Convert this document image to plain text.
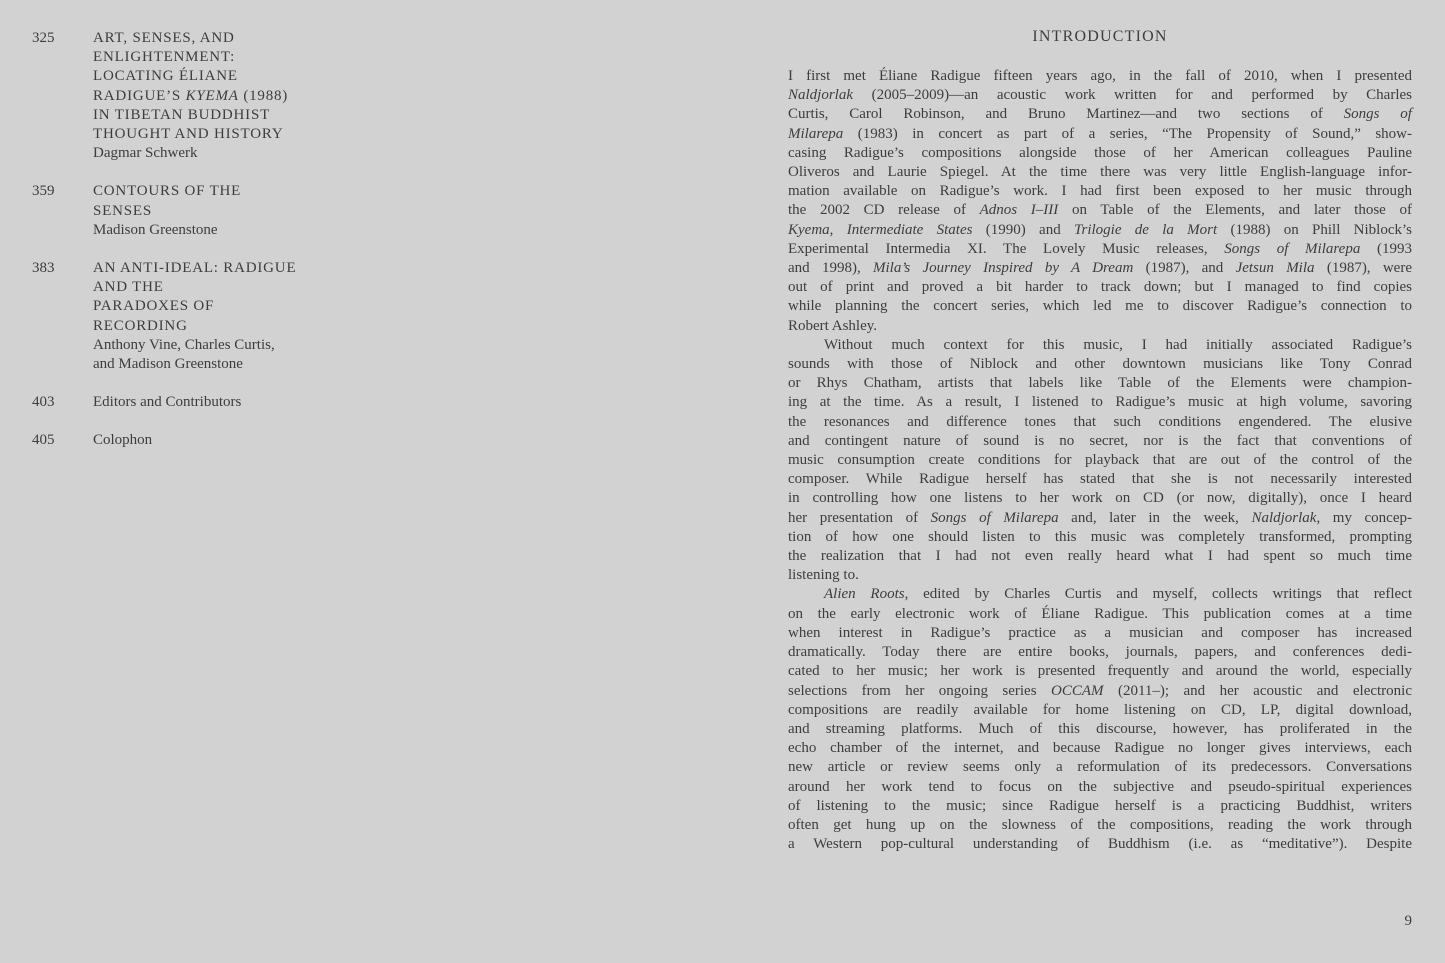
325	ART, SENSES, AND
ENLIGHTENMENT:
LOCATING ÉLIANE
RADIGUE’S KYEMA (1988)
IN TIBETAN BUDDHIST
THOUGHT AND HISTORY
Dagmar Schwerk
359	CONTOURS OF THE
SENSES
Madison Greenstone
383	AN ANTI-IDEAL: RADIGUE
AND THE
PARADOXES OF
RECORDING
Anthony Vine, Charles Curtis,
and Madison Greenstone
403	Editors and Contributors
405	Colophon
INTRODUCTION
I first met Éliane Radigue fifteen years ago, in the fall of 2010, when I presented
Naldjorlak (2005–2009)—an acoustic work written for and performed by Charles
Curtis, Carol Robinson, and Bruno Martinez—and two sections of Songs of
Milarepa (1983) in concert as part of a series, “The Propensity of Sound,” show-
casing Radigue’s compositions alongside those of her American colleagues Pauline
Oliveros and Laurie Spiegel. At the time there was very little English-language infor-
mation available on Radigue’s work. I had first been exposed to her music through
the 2002 CD release of Adnos I–III on Table of the Elements, and later those of
Kyema, Intermediate States (1990) and Trilogie de la Mort (1988) on Phill Niblock’s
Experimental Intermedia XI. The Lovely Music releases, Songs of Milarepa (1993
and 1998), Mila’s Journey Inspired by A Dream (1987), and Jetsun Mila (1987), were
out of print and proved a bit harder to track down; but I managed to find copies
while planning the concert series, which led me to discover Radigue’s connection to
Robert Ashley.
Without much context for this music, I had initially associated Radigue’s
sounds with those of Niblock and other downtown musicians like Tony Conrad
or Rhys Chatham, artists that labels like Table of the Elements were champion-
ing at the time. As a result, I listened to Radigue’s music at high volume, savoring
the resonances and difference tones that such conditions engendered. The elusive
and contingent nature of sound is no secret, nor is the fact that conventions of
music consumption create conditions for playback that are out of the control of the
composer. While Radigue herself has stated that she is not necessarily interested
in controlling how one listens to her work on CD (or now, digitally), once I heard
her presentation of Songs of Milarepa and, later in the week, Naldjorlak, my concep-
tion of how one should listen to this music was completely transformed, prompting
the realization that I had not even really heard what I had spent so much time
listening to.
Alien Roots, edited by Charles Curtis and myself, collects writings that reflect
on the early electronic work of Éliane Radigue. This publication comes at a time
when interest in Radigue’s practice as a musician and composer has increased
dramatically. Today there are entire books, journals, papers, and conferences dedi-
cated to her music; her work is presented frequently and around the world, especially
selections from her ongoing series OCCAM (2011–); and her acoustic and electronic
compositions are readily available for home listening on CD, LP, digital download,
and streaming platforms. Much of this discourse, however, has proliferated in the
echo chamber of the internet, and because Radigue no longer gives interviews, each
new article or review seems only a reformulation of its predecessors. Conversations
around her work tend to focus on the subjective and pseudo-spiritual experiences
of listening to the music; since Radigue herself is a practicing Buddhist, writers
often get hung up on the slowness of the compositions, reading the work through
a Western pop-cultural understanding of Buddhism (i.e. as “meditative”). Despite
9
